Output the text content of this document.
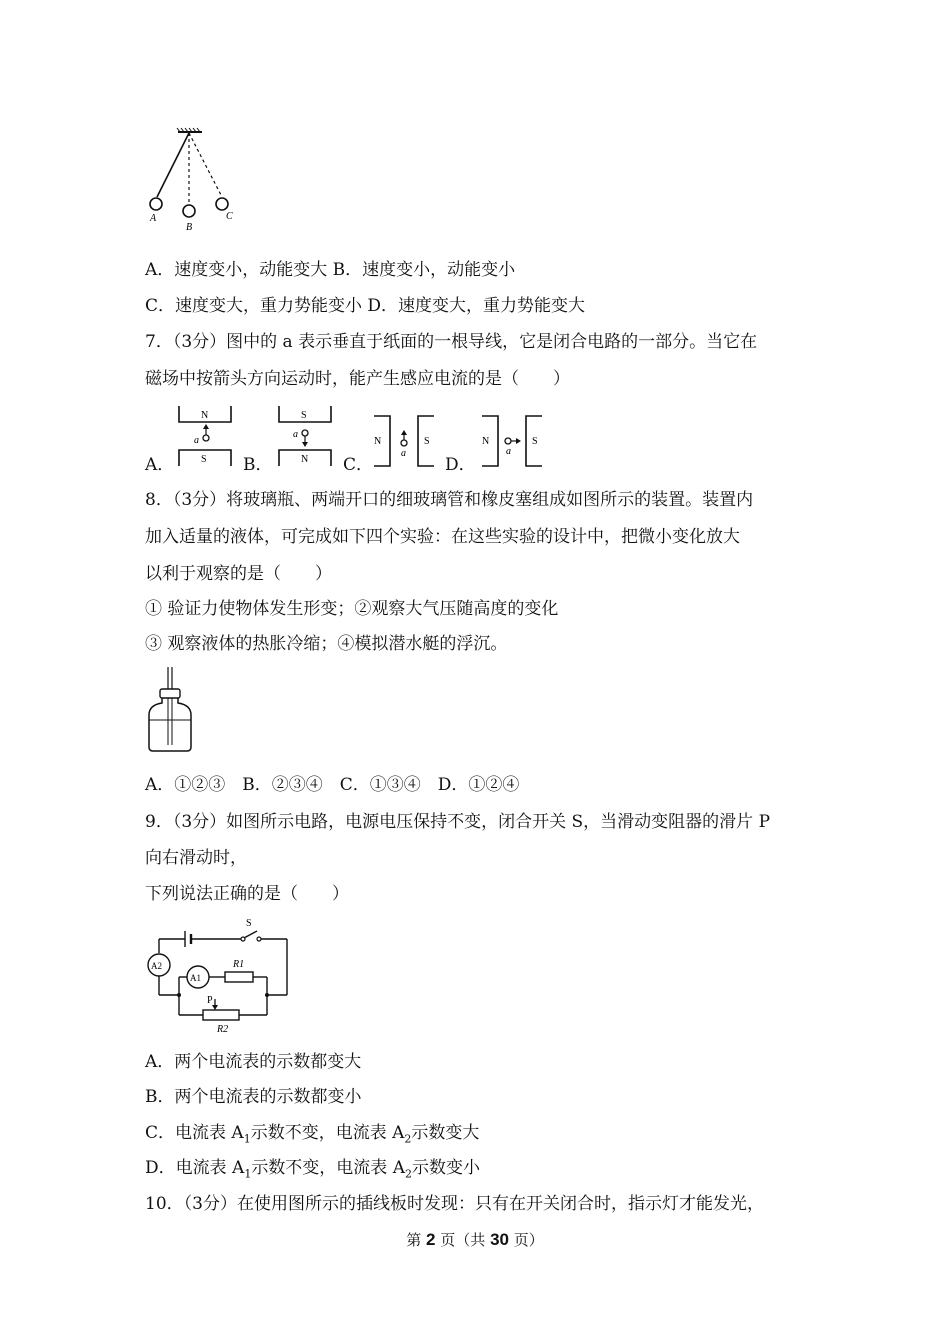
A
B
C
A．速度变小，动能变大 B．速度变小，动能变小
C．速度变大，重力势能变小 D．速度变大，重力势能变大
7．（3分）图中的 a 表示垂直于纸面的一根导线，它是闭合电路的一部分。当它在
磁场中按箭头方向运动时，能产生感应电流的是（　　）
A．	B．	C．	D．
N
S
a
S
N
a
N	S
a
N	S
a
8．（3分）将玻璃瓶、两端开口的细玻璃管和橡皮塞组成如图所示的装置。装置内
加入适量的液体，可完成如下四个实验：在这些实验的设计中，把微小变化放大
以利于观察的是（　　）
① 验证力使物体发生形变；②观察大气压随高度的变化
③ 观察液体的热胀冷缩；④模拟潜水艇的浮沉。
A．①②③　B．②③④　C．①③④　D．①②④
9．（3分）如图所示电路，电源电压保持不变，闭合开关 S，当滑动变阻器的滑片 P
向右滑动时，
下列说法正确的是（　　）
S
A2
A1
R1
P
R2
A．两个电流表的示数都变大
B．两个电流表的示数都变小
C．电流表 $A_1$示数不变，电流表 $A_2$示数变大
D．电流表 $A_1$示数不变，电流表 $A_2$示数变小
10．（3分）在使用图所示的插线板时发现：只有在开关闭合时，指示灯才能发光，
第 2 页（共 30 页）
